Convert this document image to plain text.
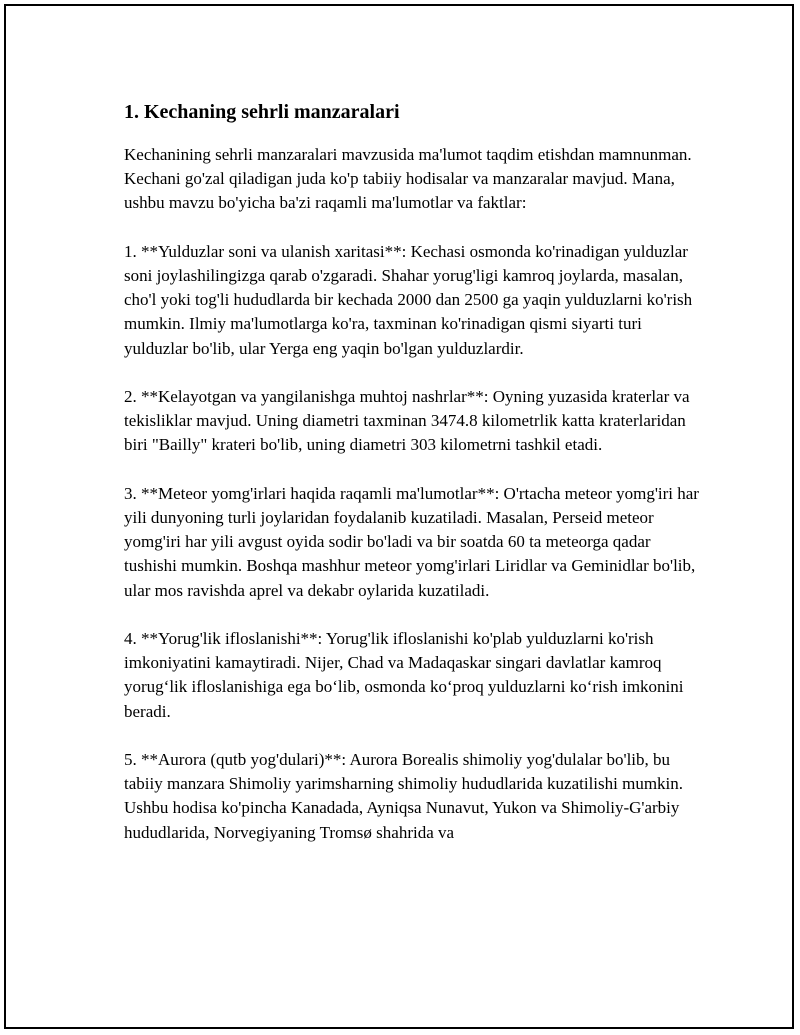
1. Kechaning sehrli manzaralari

Kechanining sehrli manzaralari mavzusida ma'lumot taqdim etishdan mamnunman. Kechani go'zal qiladigan juda ko'p tabiiy hodisalar va manzaralar mavjud. Mana, ushbu mavzu bo'yicha ba'zi raqamli ma'lumotlar va faktlar:

1. **Yulduzlar soni va ulanish xaritasi**: Kechasi osmonda ko'rinadigan yulduzlar soni joylashilingizga qarab o'zgaradi. Shahar yorug'ligi kamroq joylarda, masalan, cho'l yoki tog'li hududlarda bir kechada 2000 dan 2500 ga yaqin yulduzlarni ko'rish mumkin. Ilmiy ma'lumotlarga ko'ra, taxminan ko'rinadigan qismi siyarti turi yulduzlar bo'lib, ular Yerga eng yaqin bo'lgan yulduzlardir.

2. **Kelayotgan va yangilanishga muhtoj nashrlar**: Oyning yuzasida kraterlar va tekisliklar mavjud. Uning diametri taxminan 3474.8 kilometrlik katta kraterlaridan biri "Bailly" krateri bo'lib, uning diametri 303 kilometrni tashkil etadi.

3. **Meteor yomg'irlari haqida raqamli ma'lumotlar**: O'rtacha meteor yomg'iri har yili dunyoning turli joylaridan foydalanib kuzatiladi. Masalan, Perseid meteor yomg'iri har yili avgust oyida sodir bo'ladi va bir soatda 60 ta meteorga qadar tushishi mumkin. Boshqa mashhur meteor yomg'irlari Liridlar va Geminidlar bo'lib, ular mos ravishda aprel va dekabr oylarida kuzatiladi.

4. **Yorug'lik ifloslanishi**: Yorug'lik ifloslanishi ko'plab yulduzlarni ko'rish imkoniyatini kamaytiradi. Nijer, Chad va Madaqaskar singari davlatlar kamroq yorug‘lik ifloslanishiga ega bo‘lib, osmonda ko‘proq yulduzlarni ko‘rish imkonini beradi.

5. **Aurora (qutb yog'dulari)**: Aurora Borealis shimoliy yog'dulalar bo'lib, bu tabiiy manzara Shimoliy yarimsharning shimoliy hududlarida kuzatilishi mumkin. Ushbu hodisa ko'pincha Kanadada, Ayniqsa Nunavut, Yukon va Shimoliy-G'arbiy hududlarida, Norvegiyaning Tromsø shahrida va
